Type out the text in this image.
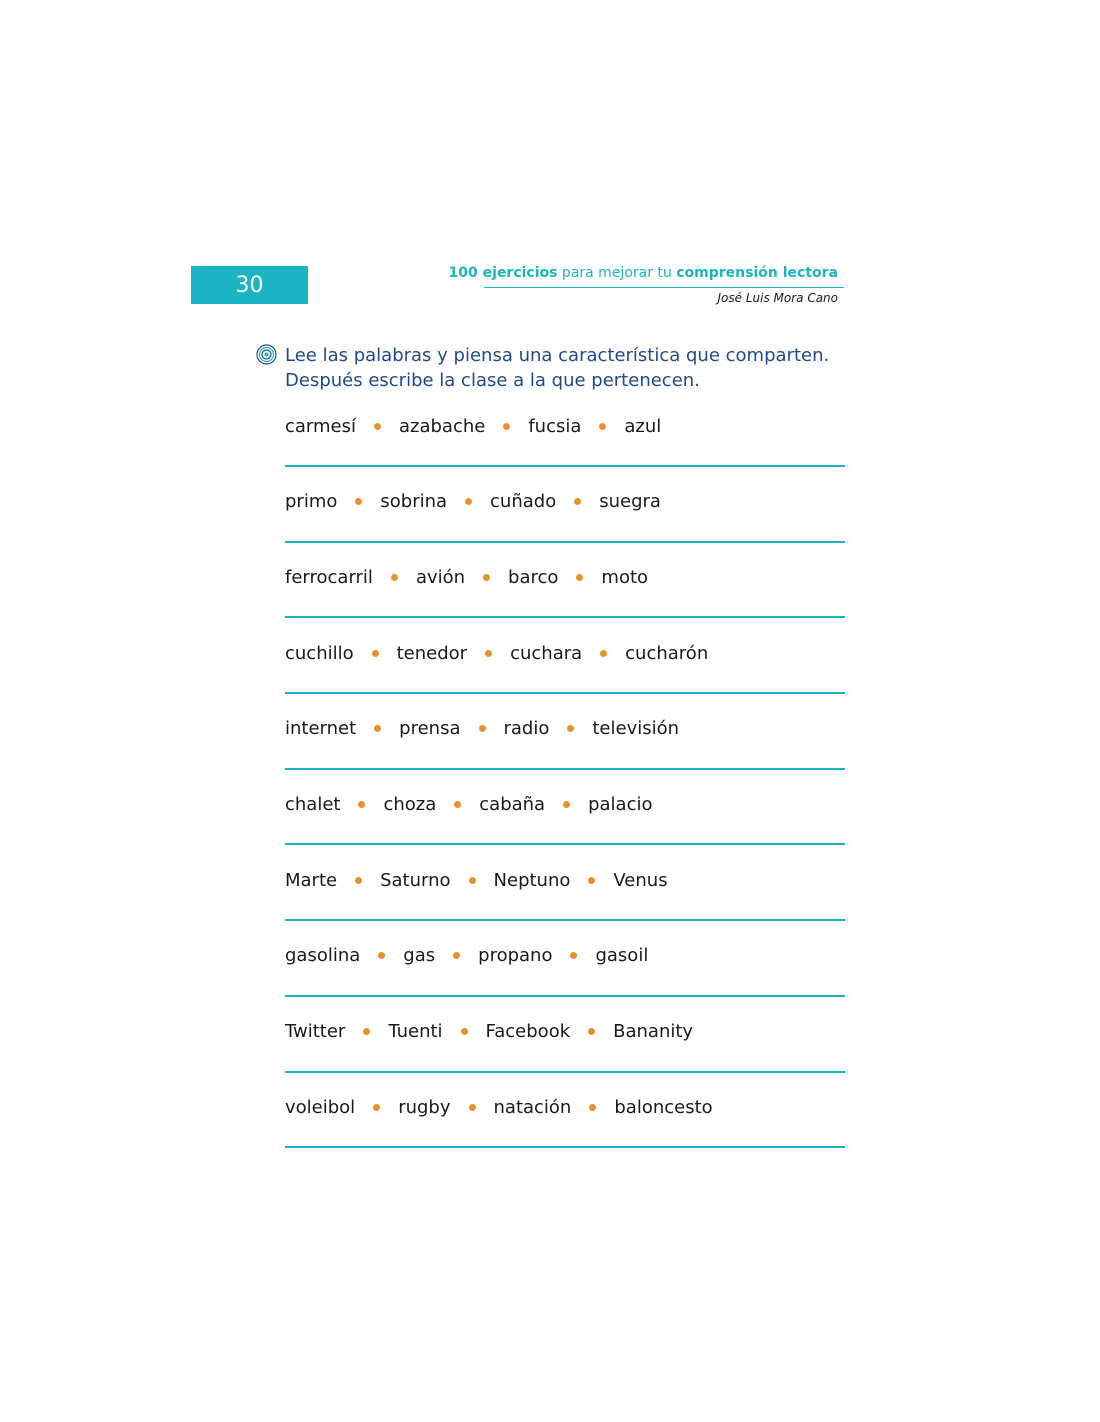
30	100 ejercicios para mejorar tu comprensión lectora
José Luis Mora Cano
Lee las palabras y piensa una característica que comparten. Después escribe la clase a la que pertenecen.
carmesí azabache fucsia azul
primo sobrina cuñado suegra
ferrocarril avión barco moto
cuchillo tenedor cuchara cucharón
internet prensa radio televisión
chalet choza cabaña palacio
Marte Saturno Neptuno Venus
gasolina gas propano gasoil
Twitter Tuenti Facebook Bananity
voleibol rugby natación baloncesto
